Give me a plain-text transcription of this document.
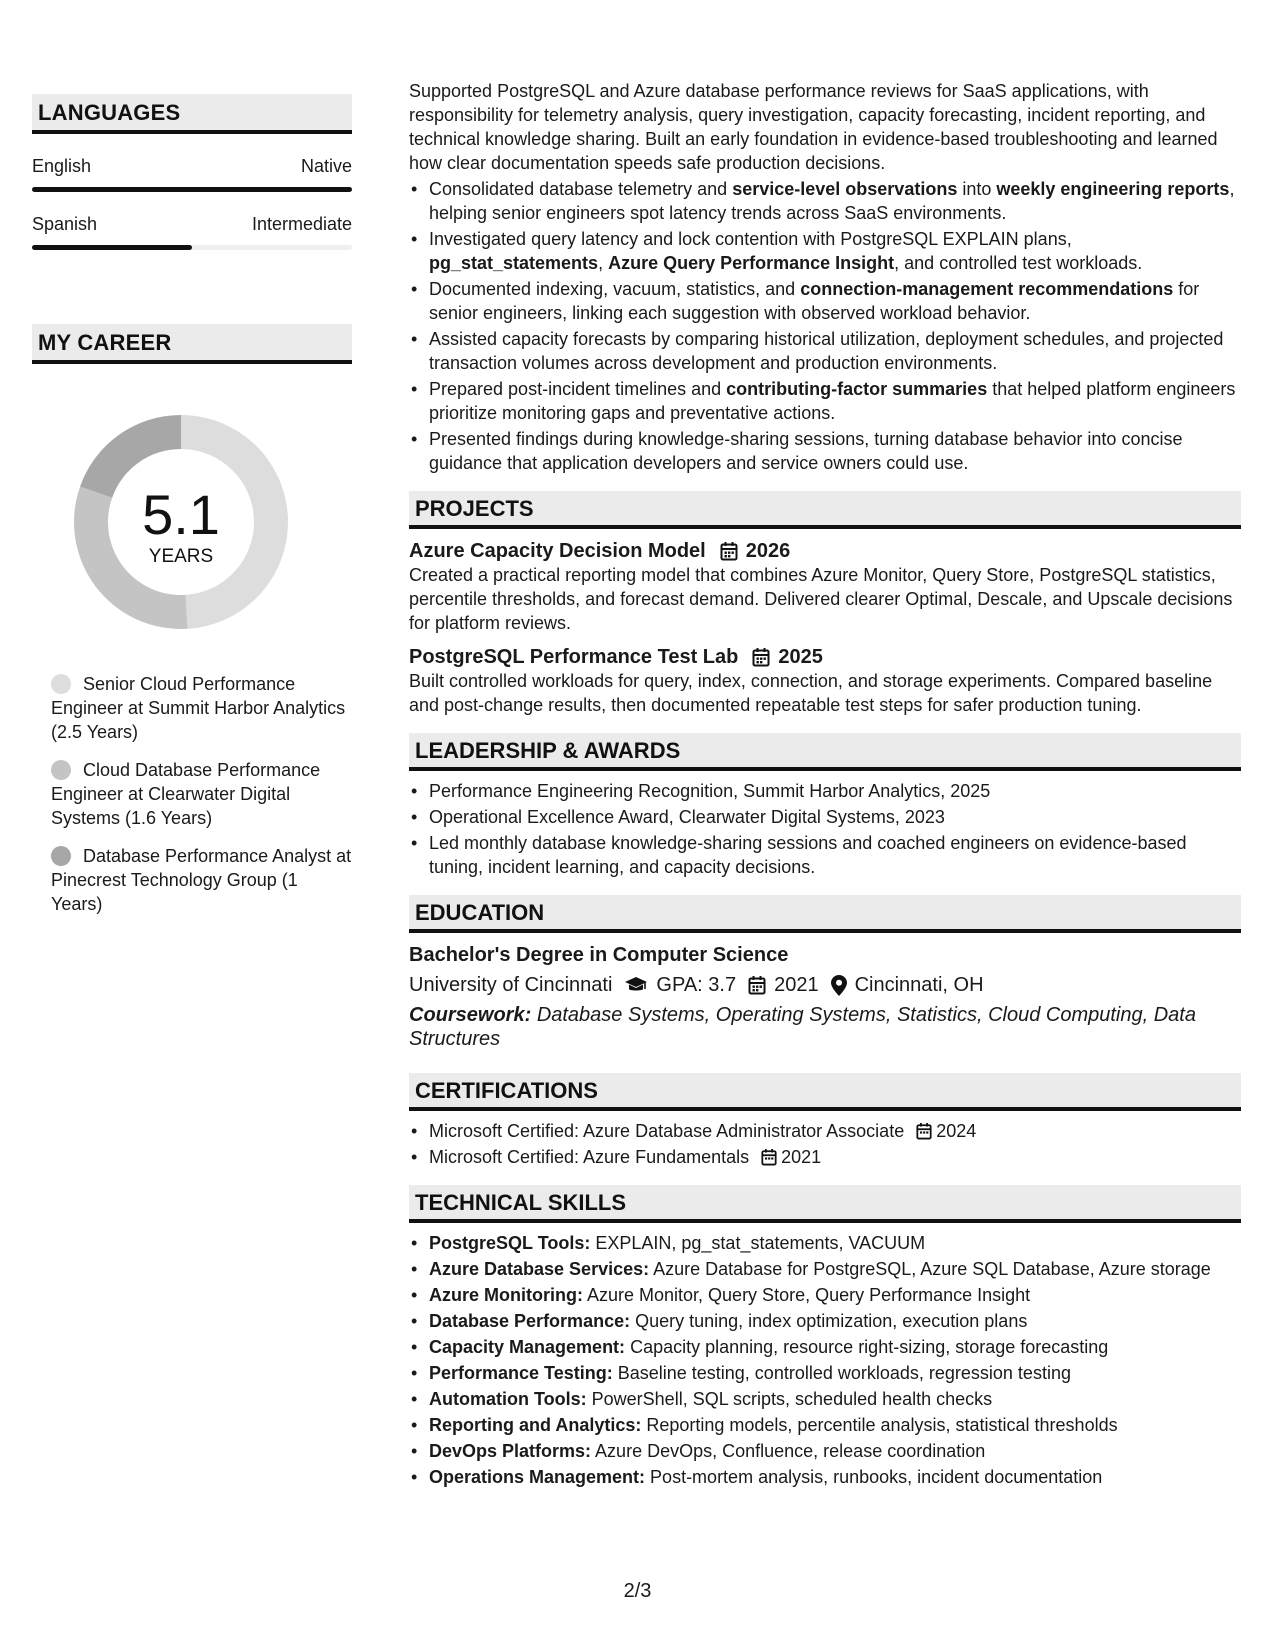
LANGUAGES
English	Native
Spanish	Intermediate
MY CAREER
5.1
YEARS
Senior Cloud Performance Engineer at Summit Harbor Analytics (2.5 Years)
Cloud Database Performance Engineer at Clearwater Digital Systems (1.6 Years)
Database Performance Analyst at Pinecrest Technology Group (1 Years)

Supported PostgreSQL and Azure database performance reviews for SaaS applications, with responsibility for telemetry analysis, query investigation, capacity forecasting, incident reporting, and technical knowledge sharing. Built an early foundation in evidence-based troubleshooting and learned how clear documentation speeds safe production decisions.

• Consolidated database telemetry and service-level observations into weekly engineering reports, helping senior engineers spot latency trends across SaaS environments.
• Investigated query latency and lock contention with PostgreSQL EXPLAIN plans, pg_stat_statements, Azure Query Performance Insight, and controlled test workloads.
• Documented indexing, vacuum, statistics, and connection-management recommendations for senior engineers, linking each suggestion with observed workload behavior.
• Assisted capacity forecasts by comparing historical utilization, deployment schedules, and projected transaction volumes across development and production environments.
• Prepared post-incident timelines and contributing-factor summaries that helped platform engineers prioritize monitoring gaps and preventative actions.
• Presented findings during knowledge-sharing sessions, turning database behavior into concise guidance that application developers and service owners could use.
PROJECTS
Azure Capacity Decision Model 2026

Created a practical reporting model that combines Azure Monitor, Query Store, PostgreSQL statistics, percentile thresholds, and forecast demand. Delivered clearer Optimal, Descale, and Upscale decisions for platform reviews.

PostgreSQL Performance Test Lab 2025

Built controlled workloads for query, index, connection, and storage experiments. Compared baseline and post-change results, then documented repeatable test steps for safer production tuning.

LEADERSHIP & AWARDS
• Performance Engineering Recognition, Summit Harbor Analytics, 2025
• Operational Excellence Award, Clearwater Digital Systems, 2023
• Led monthly database knowledge-sharing sessions and coached engineers on evidence-based tuning, incident learning, and capacity decisions.
EDUCATION
Bachelor's Degree in Computer Science
University of Cincinnati GPA: 3.7 2021 Cincinnati, OH
Coursework: Database Systems, Operating Systems, Statistics, Cloud Computing, Data Structures
CERTIFICATIONS
• Microsoft Certified: Azure Database Administrator Associate 2024
• Microsoft Certified: Azure Fundamentals 2021
TECHNICAL SKILLS
• PostgreSQL Tools: EXPLAIN, pg_stat_statements, VACUUM
• Azure Database Services: Azure Database for PostgreSQL, Azure SQL Database, Azure storage
• Azure Monitoring: Azure Monitor, Query Store, Query Performance Insight
• Database Performance: Query tuning, index optimization, execution plans
• Capacity Management: Capacity planning, resource right-sizing, storage forecasting
• Performance Testing: Baseline testing, controlled workloads, regression testing
• Automation Tools: PowerShell, SQL scripts, scheduled health checks
• Reporting and Analytics: Reporting models, percentile analysis, statistical thresholds
• DevOps Platforms: Azure DevOps, Confluence, release coordination
• Operations Management: Post-mortem analysis, runbooks, incident documentation
2/3
